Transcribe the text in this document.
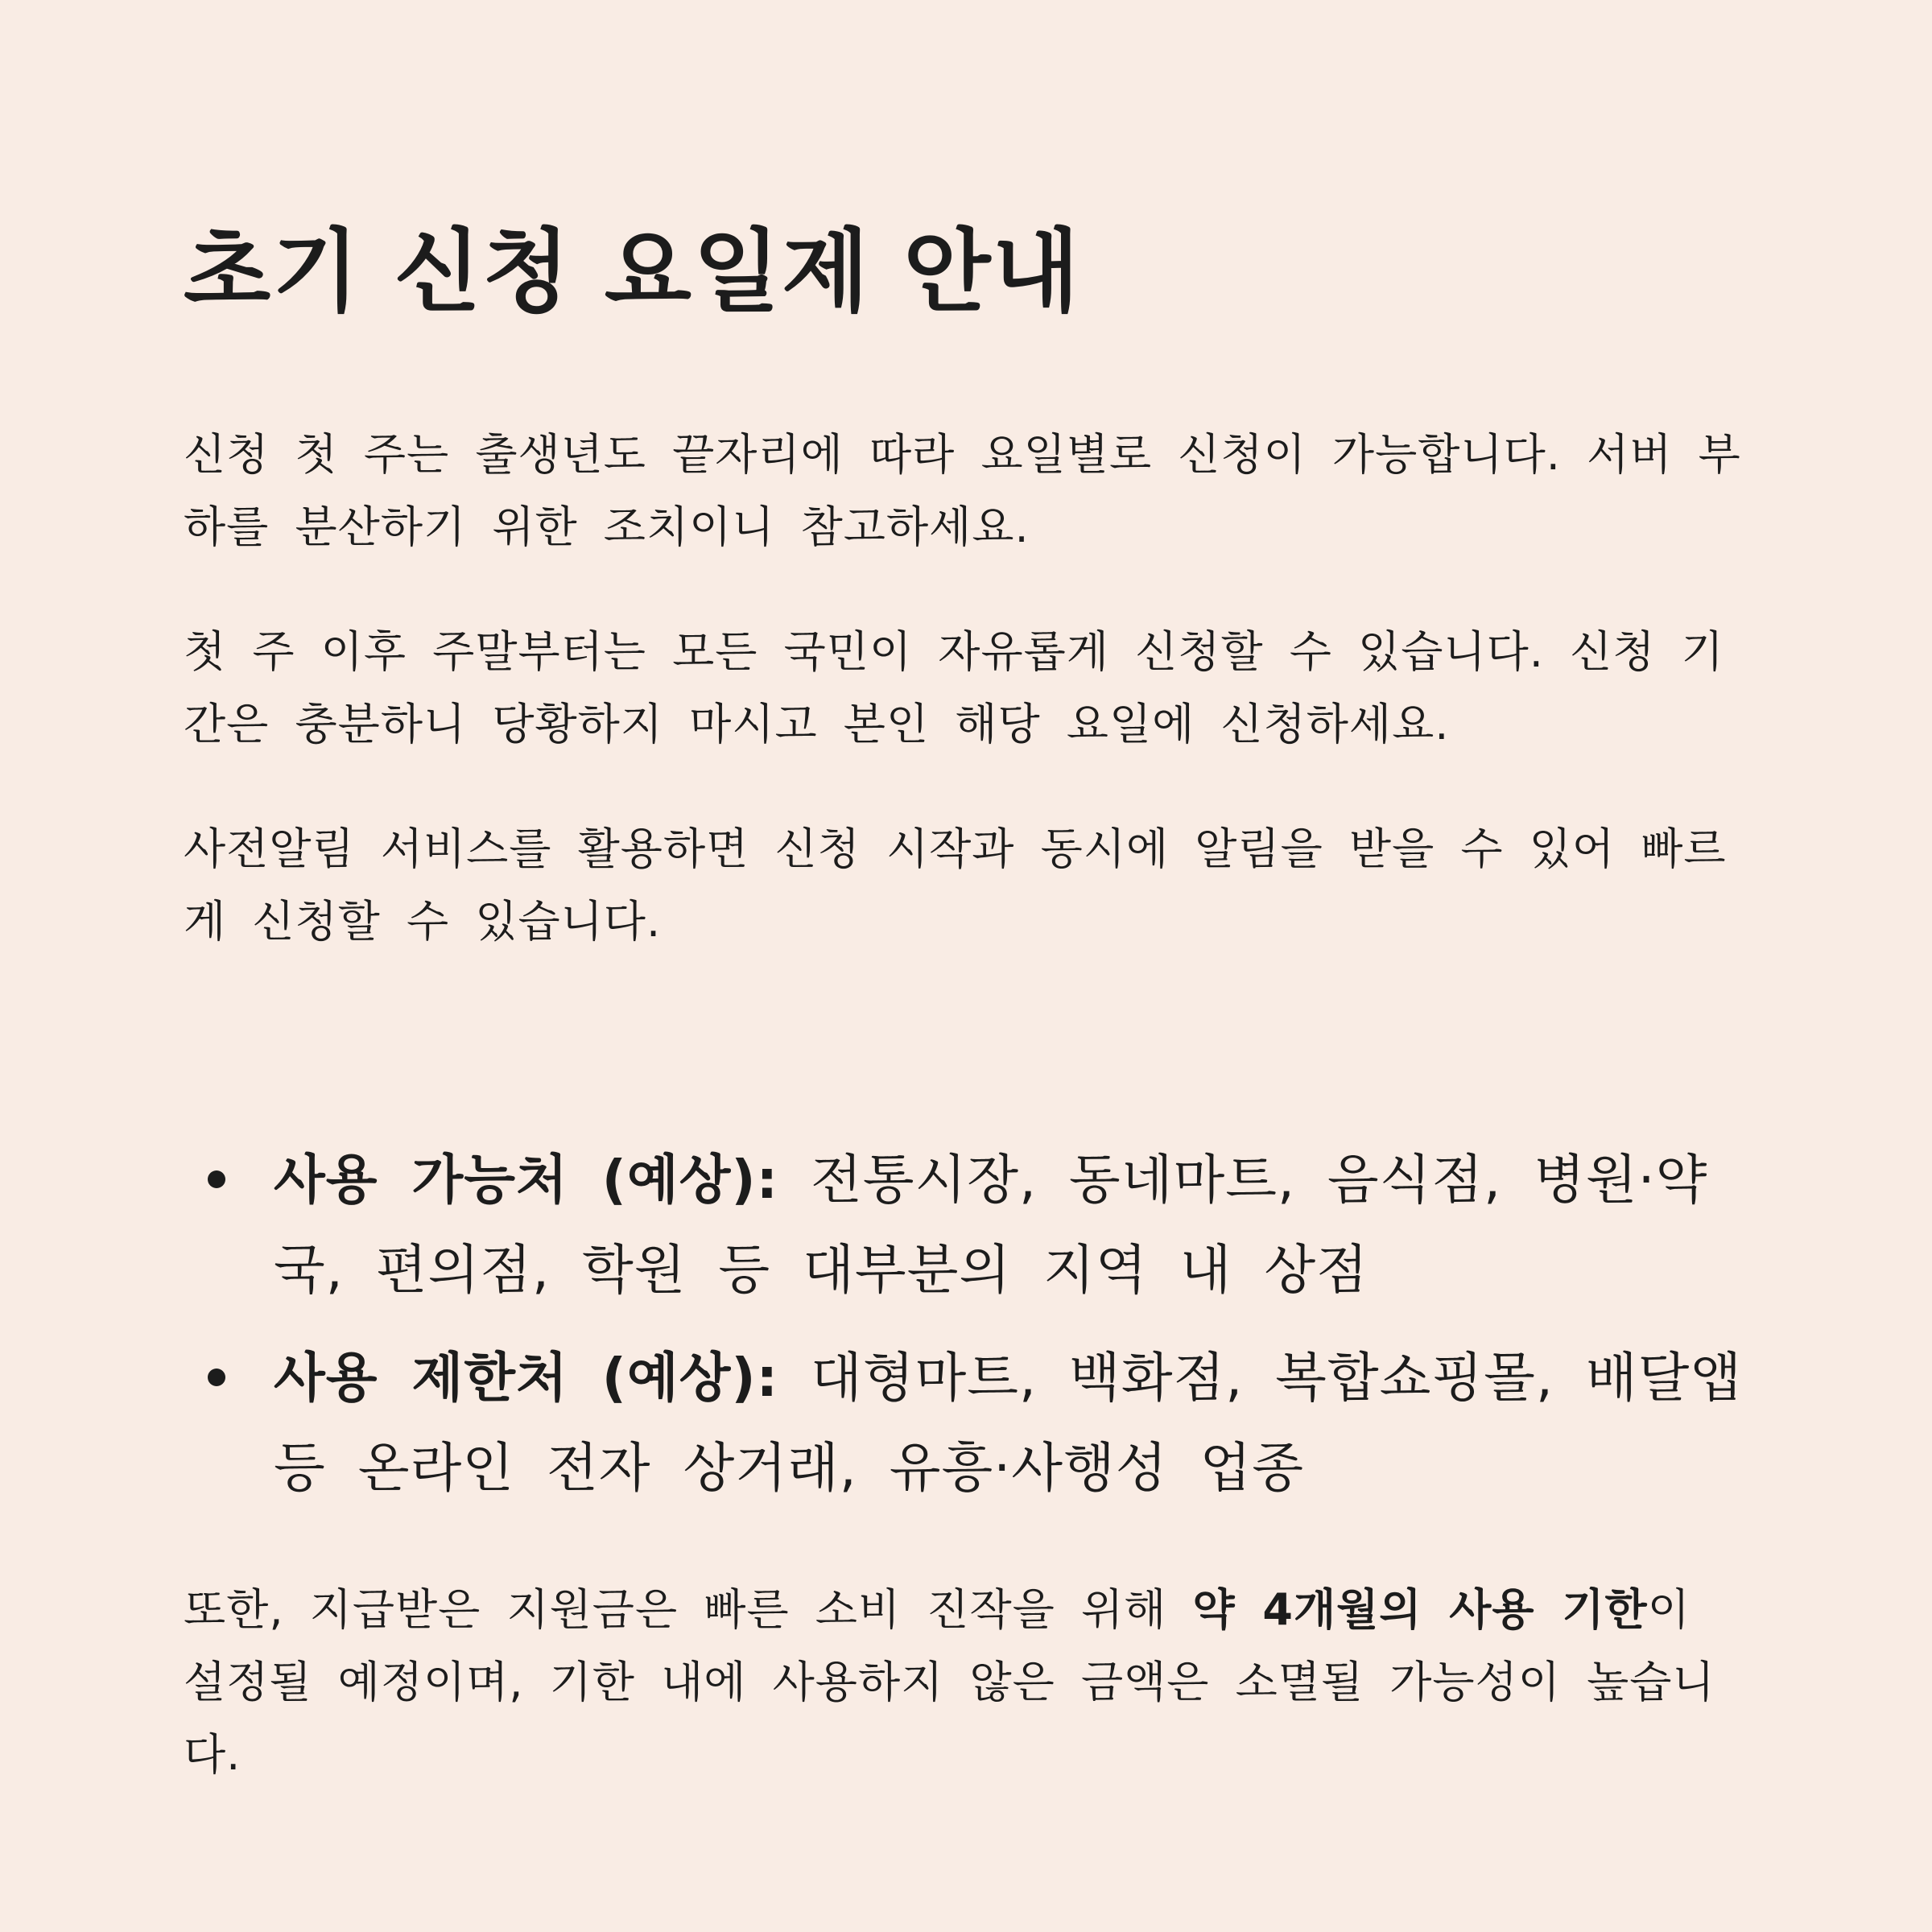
초기 신청 요일제 안내

신청 첫 주는 출생년도 끝자리에 따라 요일별로 신청이 가능합니다. 서버 부하를 분산하기 위한 조치이니 참고하세요.

첫 주 이후 주말부터는 모든 국민이 자유롭게 신청할 수 있습니다. 신청 기간은 충분하니 당황하지 마시고 본인 해당 요일에 신청하세요.

사전알림 서비스를 활용하면 신청 시작과 동시에 알림을 받을 수 있어 빠르게 신청할 수 있습니다.

사용 가능처 (예상): 전통시장, 동네마트, 음식점, 병원·약국, 편의점, 학원 등 대부분의 지역 내 상점
사용 제한처 (예상): 대형마트, 백화점, 복합쇼핑몰, 배달앱 등 온라인 전자 상거래, 유흥·사행성 업종

또한, 지급받은 지원금은 빠른 소비 진작을 위해 약 4개월의 사용 기한이 설정될 예정이며, 기한 내에 사용하지 않은 금액은 소멸될 가능성이 높습니다.
